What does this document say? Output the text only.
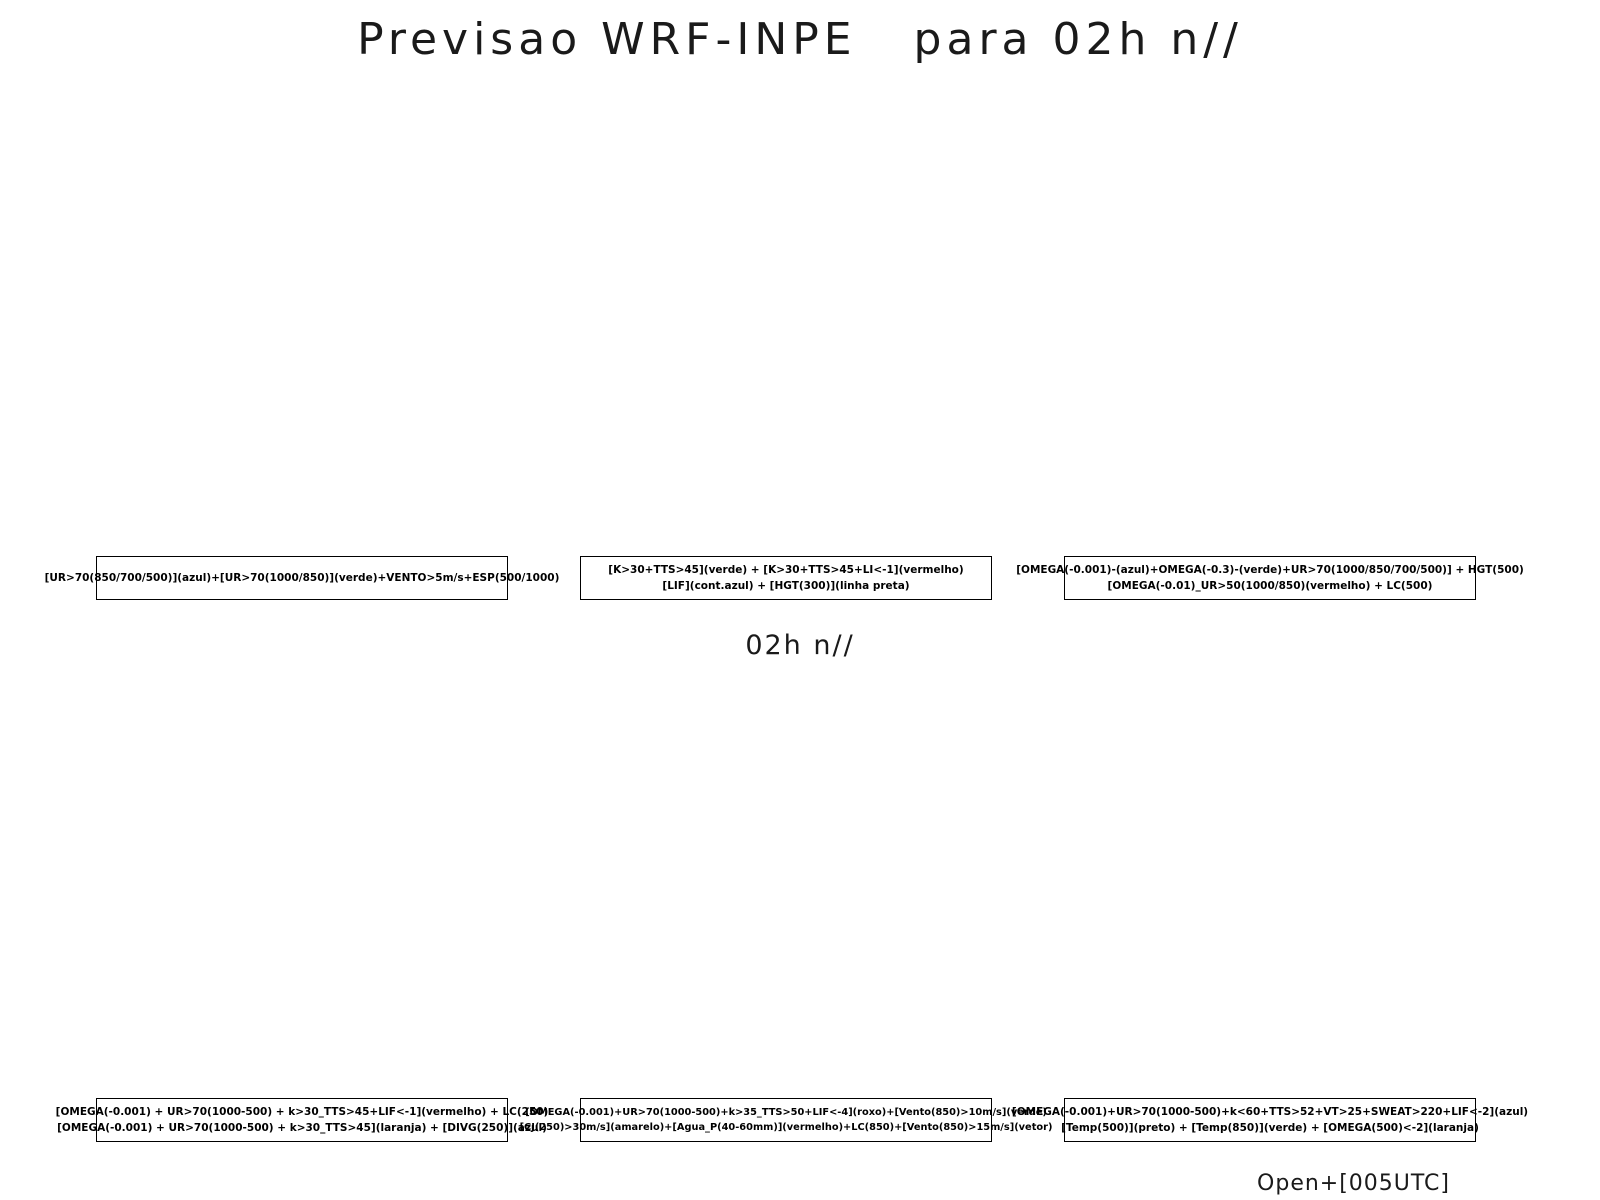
Previsao WRF-INPE   para 02h n//
[UR>70(850/700/500)](azul)+[UR>70(1000/850)](verde)+VENTO>5m/s+ESP(500/1000)
[K>30+TTS>45](verde) + [K>30+TTS>45+LI<-1](vermelho)
[LIF](cont.azul) + [HGT(300)](linha preta)
[OMEGA(-0.001)-(azul)+OMEGA(-0.3)-(verde)+UR>70(1000/850/700/500)] + HGT(500)
[OMEGA(-0.01)_UR>50(1000/850)(vermelho) + LC(500)
02h n//
[OMEGA(-0.001) + UR>70(1000-500) + k>30_TTS>45+LIF<-1](vermelho) + LC(250)
[OMEGA(-0.001) + UR>70(1000-500) + k>30_TTS>45](laranja) + [DIVG(250)](azul)
[OMEGA(-0.001)+UR>70(1000-500)+k>35_TTS>50+LIF<-4](roxo)+[Vento(850)>10m/s](verde)
[CJ(250)>30m/s](amarelo)+[Agua_P(40-60mm)](vermelho)+LC(850)+[Vento(850)>15m/s](vetor)
[OMEGA(-0.001)+UR>70(1000-500)+k<60+TTS>52+VT>25+SWEAT>220+LIF<-2](azul)
[Temp(500)](preto) + [Temp(850)](verde) + [OMEGA(500)<-2](laranja)
Open+[005UTC]
